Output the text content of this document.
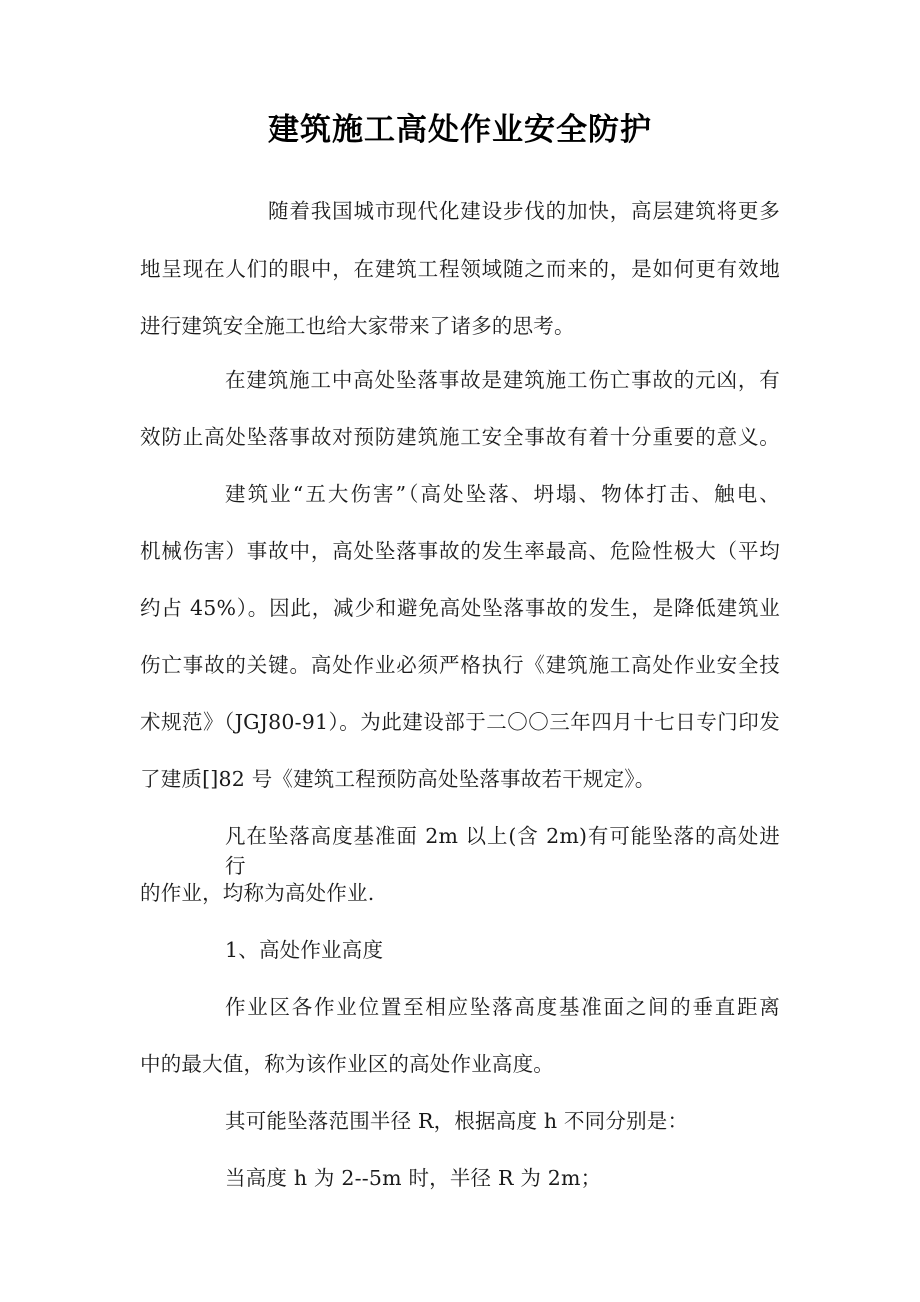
建筑施工高处作业安全防护
随着我国城市现代化建设步伐的加快，高层建筑将更多
地呈现在人们的眼中，在建筑工程领域随之而来的，是如何更有效地
进行建筑安全施工也给大家带来了诸多的思考。
在建筑施工中高处坠落事故是建筑施工伤亡事故的元凶，有
效防止高处坠落事故对预防建筑施工安全事故有着十分重要的意义。
建筑业“五大伤害”（高处坠落、坍塌、物体打击、触电、
机械伤害）事故中，高处坠落事故的发生率最高、危险性极大（平均
约占 45%）。因此，减少和避免高处坠落事故的发生，是降低建筑业
伤亡事故的关键。高处作业必须严格执行《建筑施工高处作业安全技
术规范》（JGJ80-91）。为此建设部于二〇〇三年四月十七日专门印发
了建质[]82 号《建筑工程预防高处坠落事故若干规定》。
凡在坠落高度基准面 2m 以上(含 2m)有可能坠落的高处进行
的作业，均称为高处作业.
1、高处作业高度
作业区各作业位置至相应坠落高度基准面之间的垂直距离
中的最大值，称为该作业区的高处作业高度。
其可能坠落范围半径 R，根据高度 h 不同分别是：
当高度 h 为 2--5m 时，半径 R 为 2m；
